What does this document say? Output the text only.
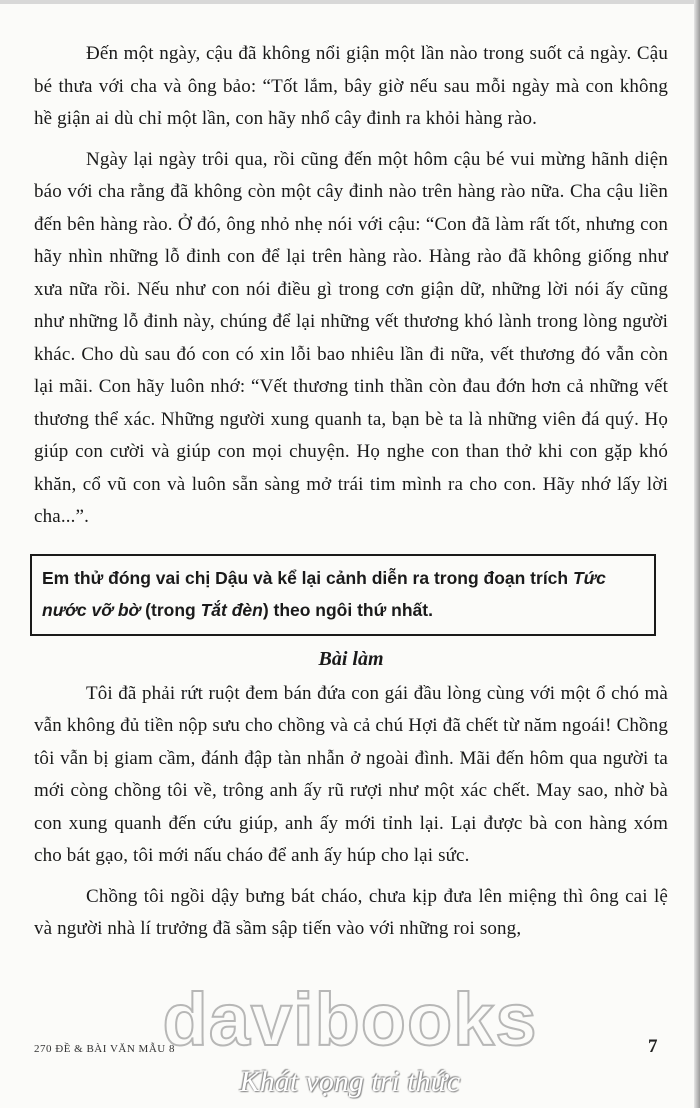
Đến một ngày, cậu đã không nổi giận một lần nào trong suốt cả ngày. Cậu bé thưa với cha và ông bảo: “Tốt lắm, bây giờ nếu sau mỗi ngày mà con không hề giận ai dù chỉ một lần, con hãy nhổ cây đinh ra khỏi hàng rào.

Ngày lại ngày trôi qua, rồi cũng đến một hôm cậu bé vui mừng hãnh diện báo với cha rằng đã không còn một cây đinh nào trên hàng rào nữa. Cha cậu liền đến bên hàng rào. Ở đó, ông nhỏ nhẹ nói với cậu: “Con đã làm rất tốt, nhưng con hãy nhìn những lỗ đinh con để lại trên hàng rào. Hàng rào đã không giống như xưa nữa rồi. Nếu như con nói điều gì trong cơn giận dữ, những lời nói ấy cũng như những lỗ đinh này, chúng để lại những vết thương khó lành trong lòng người khác. Cho dù sau đó con có xin lỗi bao nhiêu lần đi nữa, vết thương đó vẫn còn lại mãi. Con hãy luôn nhớ: “Vết thương tinh thần còn đau đớn hơn cả những vết thương thể xác. Những người xung quanh ta, bạn bè ta là những viên đá quý. Họ giúp con cười và giúp con mọi chuyện. Họ nghe con than thở khi con gặp khó khăn, cổ vũ con và luôn sẵn sàng mở trái tim mình ra cho con. Hãy nhớ lấy lời cha...”.

Em thử đóng vai chị Dậu và kể lại cảnh diễn ra trong đoạn trích Tức nước vỡ bờ (trong Tắt đèn) theo ngôi thứ nhất.
Bài làm

Tôi đã phải rứt ruột đem bán đứa con gái đầu lòng cùng với một ổ chó mà vẫn không đủ tiền nộp sưu cho chồng và cả chú Hợi đã chết từ năm ngoái! Chồng tôi vẫn bị giam cầm, đánh đập tàn nhẫn ở ngoài đình. Mãi đến hôm qua người ta mới còng chồng tôi về, trông anh ấy rũ rượi như một xác chết. May sao, nhờ bà con xung quanh đến cứu giúp, anh ấy mới tỉnh lại. Lại được bà con hàng xóm cho bát gạo, tôi mới nấu cháo để anh ấy húp cho lại sức.

Chồng tôi ngồi dậy bưng bát cháo, chưa kịp đưa lên miệng thì ông cai lệ và người nhà lí trưởng đã sầm sập tiến vào với những roi song,

davibooks
270 ĐỀ & BÀI VĂN MẪU 8	7
Khát vọng tri thức
